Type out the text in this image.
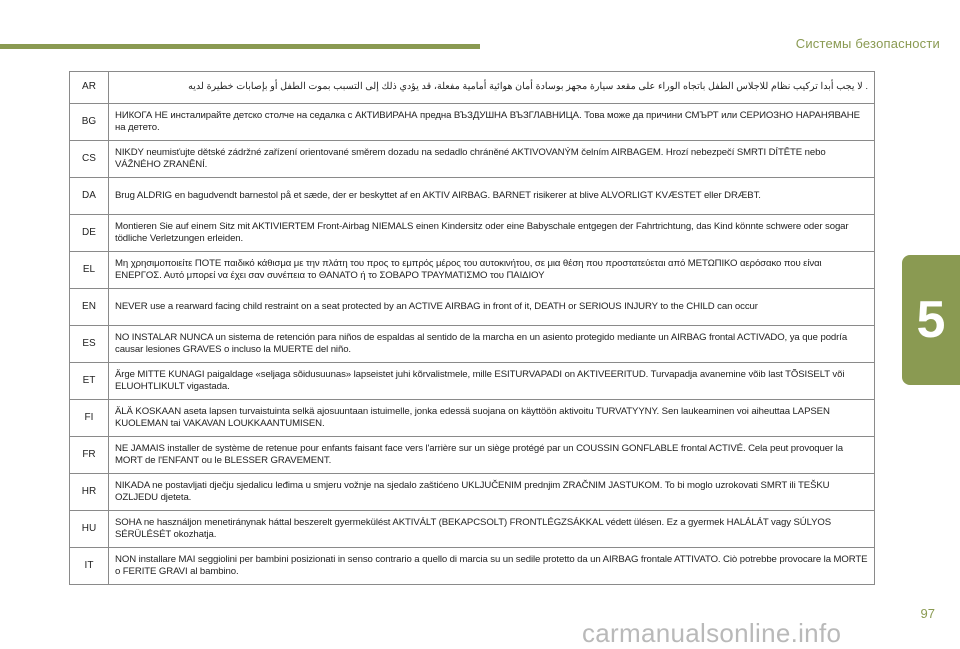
Системы безопасности
5
AR	. ﻻ ﻳﺠﺐ أﺑﺪا ﺗﺮﻛﻴﺐ ﻧﻈﺎم ﻟﻼﺟﻼس اﻟﻄﻔﻞ ﺑﺎﺗﺠﺎه اﻟﻮراء ﻋﻠﻰ ﻣﻘﻌﺪ ﺳﻴﺎرة ﻣﺠﻬﺰ ﺑﻮﺳﺎدة أﻣﺎن ﻫﻮاﺋﻴﺔ أﻣﺎﻣﻴﺔ ﻣﻔﻌﻠﺔ، ﻗﺪ ﻳﺆدي ذﻟﻚ إﻟﻰ اﻟﺘﺴﺒﺐ ﺑﻤﻮت اﻟﻄﻔﻞ أو ﺑﺈﺻﺎﺑﺎت ﺧﻄﻴﺮة ﻟﺪﻳﻪ
BG	НИКОГА НЕ инсталирайте детско столче на седалка с АКТИВИРАНА предна ВЪЗДУШНА ВЪЗГЛАВНИЦА. Това може да причини СМЪРТ или СЕРИОЗНО НАРАНЯВАНЕ на детето.
CS	NIKDY neumisťujte dětské zádržné zařízení orientované směrem dozadu na sedadlo chráněné AKTIVOVANÝM čelním AIRBAGEM. Hrozí nebezpečí SMRTI DÍTĚTE nebo VÁŽNÉHO ZRANĚNÍ.
DA	Brug ALDRIG en bagudvendt barnestol på et sæde, der er beskyttet af en AKTIV AIRBAG. BARNET risikerer at blive ALVORLIGT KVÆSTET eller DRÆBT.
DE	Montieren Sie auf einem Sitz mit AKTIVIERTEM Front-Airbag NIEMALS einen Kindersitz oder eine Babyschale entgegen der Fahrtrichtung, das Kind könnte schwere oder sogar tödliche Verletzungen erleiden.
EL	Μη χρησιμοποιείτε ΠΟΤΕ παιδικό κάθισμα με την πλάτη του προς το εμπρός μέρος του αυτοκινήτου, σε μια θέση που προστατεύεται από ΜΕΤΩΠΙΚΟ αερόσακο που είναι ΕΝΕΡΓΟΣ. Αυτό μπορεί να έχει σαν συνέπεια το ΘΑΝΑΤΟ ή το ΣΟΒΑΡΟ ΤΡΑΥΜΑΤΙΣΜΟ του ΠΑΙΔΙΟΥ
EN	NEVER use a rearward facing child restraint on a seat protected by an ACTIVE AIRBAG in front of it, DEATH or SERIOUS INJURY to the CHILD can occur
ES	NO INSTALAR NUNCA un sistema de retención para niños de espaldas al sentido de la marcha en un asiento protegido mediante un AIRBAG frontal ACTIVADO, ya que podría causar lesiones GRAVES o incluso la MUERTE del niño.
ET	Ärge MITTE KUNAGI paigaldage «seljaga sõidusuunas» lapseistet juhi kõrvalistmele, mille ESITURVAPADI on AKTIVEERITUD. Turvapadja avanemine võib last TÕSISELT või ELUOHTLIKULT vigastada.
FI	ÄLÄ KOSKAAN aseta lapsen turvaistuinta selkä ajosuuntaan istuimelle, jonka edessä suojana on käyttöön aktivoitu TURVATYYNY. Sen laukeaminen voi aiheuttaa LAPSEN KUOLEMAN tai VAKAVAN LOUKKAANTUMISEN.
FR	NE JAMAIS installer de système de retenue pour enfants faisant face vers l'arrière sur un siège protégé par un COUSSIN GONFLABLE frontal ACTIVÉ. Cela peut provoquer la MORT de l'ENFANT ou le BLESSER GRAVEMENT.
HR	NIKADA ne postavljati dječju sjedalicu leđima u smjeru vožnje na sjedalo zaštićeno UKLJUČENIM prednjim ZRAČNIM JASTUKOM. To bi moglo uzrokovati SMRT ili TEŠKU OZLJEDU djeteta.
HU	SOHA ne használjon menetiránynak háttal beszerelt gyermekülést AKTIVÁLT (BEKAPCSOLT) FRONTLÉGZSÁKKAL védett ülésen. Ez a gyermek HALÁLÁT vagy SÚLYOS SÉRÜLÉSÉT okozhatja.
IT	NON installare MAI seggiolini per bambini posizionati in senso contrario a quello di marcia su un sedile protetto da un AIRBAG frontale ATTIVATO. Ciò potrebbe provocare la MORTE o FERITE GRAVI al bambino.
97
carmanualsonline.info
